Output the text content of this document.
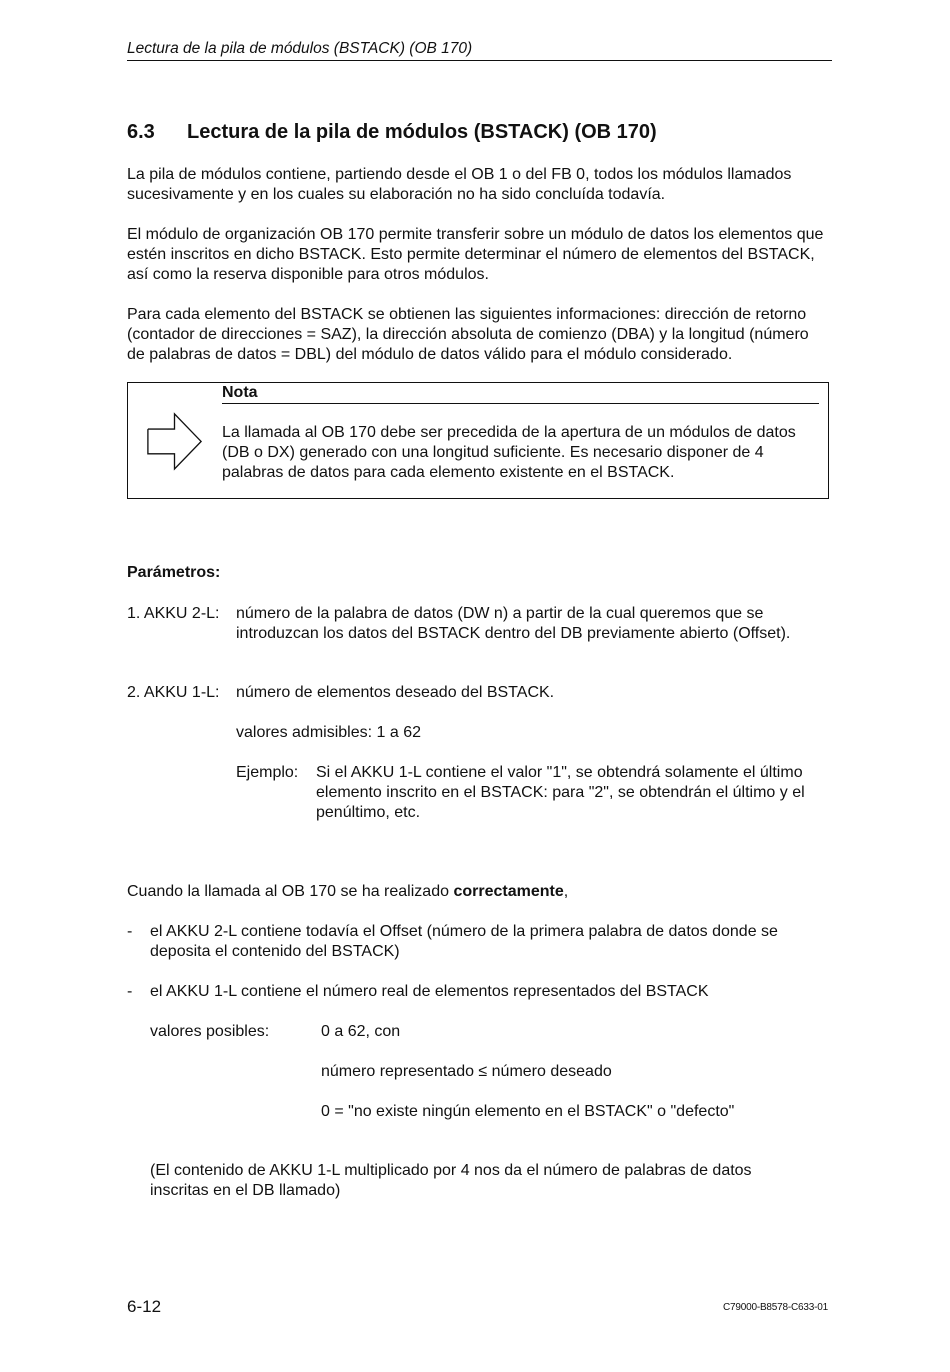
Lectura de la pila de módulos (BSTACK) (OB 170)
6.3 Lectura de la pila de módulos (BSTACK) (OB 170)
La pila de módulos contiene, partiendo desde el OB 1 o del FB 0, todos los módulos llamados sucesivamente y en los cuales su elaboración no ha sido concluída todavía.
El módulo de organización OB 170 permite transferir sobre un módulo de datos los elementos que estén inscritos en dicho BSTACK. Esto permite determinar el número de elementos del BSTACK, así como la reserva disponible para otros módulos.
Para cada elemento del BSTACK se obtienen las siguientes informaciones: dirección de retorno (contador de direcciones = SAZ), la dirección absoluta de comienzo (DBA) y la longitud (número de palabras de datos = DBL) del módulo de datos válido para el módulo considerado.
Nota
La llamada al OB 170 debe ser precedida de la apertura de un módulos de datos (DB o DX) generado con una longitud suficiente. Es necesario disponer de 4 palabras de datos para cada elemento existente en el BSTACK.
Parámetros:
1. AKKU 2-L: número de la palabra de datos (DW n) a partir de la cual queremos que se introduzcan los datos del BSTACK dentro del DB previamente abierto (Offset).
2. AKKU 1-L: número de elementos deseado del BSTACK.
valores admisibles: 1 a 62
Ejemplo: Si el AKKU 1-L contiene el valor "1", se obtendrá solamente el último elemento inscrito en el BSTACK: para "2", se obtendrán el último y el penúltimo, etc.
Cuando la llamada al OB 170 se ha realizado correctamente,
- el AKKU 2-L contiene todavía el Offset (número de la primera palabra de datos donde se deposita el contenido del BSTACK)
- el AKKU 1-L contiene el número real de elementos representados del BSTACK
valores posibles:	0 a 62, con
número representado ≤ número deseado
0 = "no existe ningún elemento en el BSTACK" o "defecto"
(El contenido de AKKU 1-L multiplicado por 4 nos da el número de palabras de datos inscritas en el DB llamado)
6-12	C79000-B8578-C633-01
